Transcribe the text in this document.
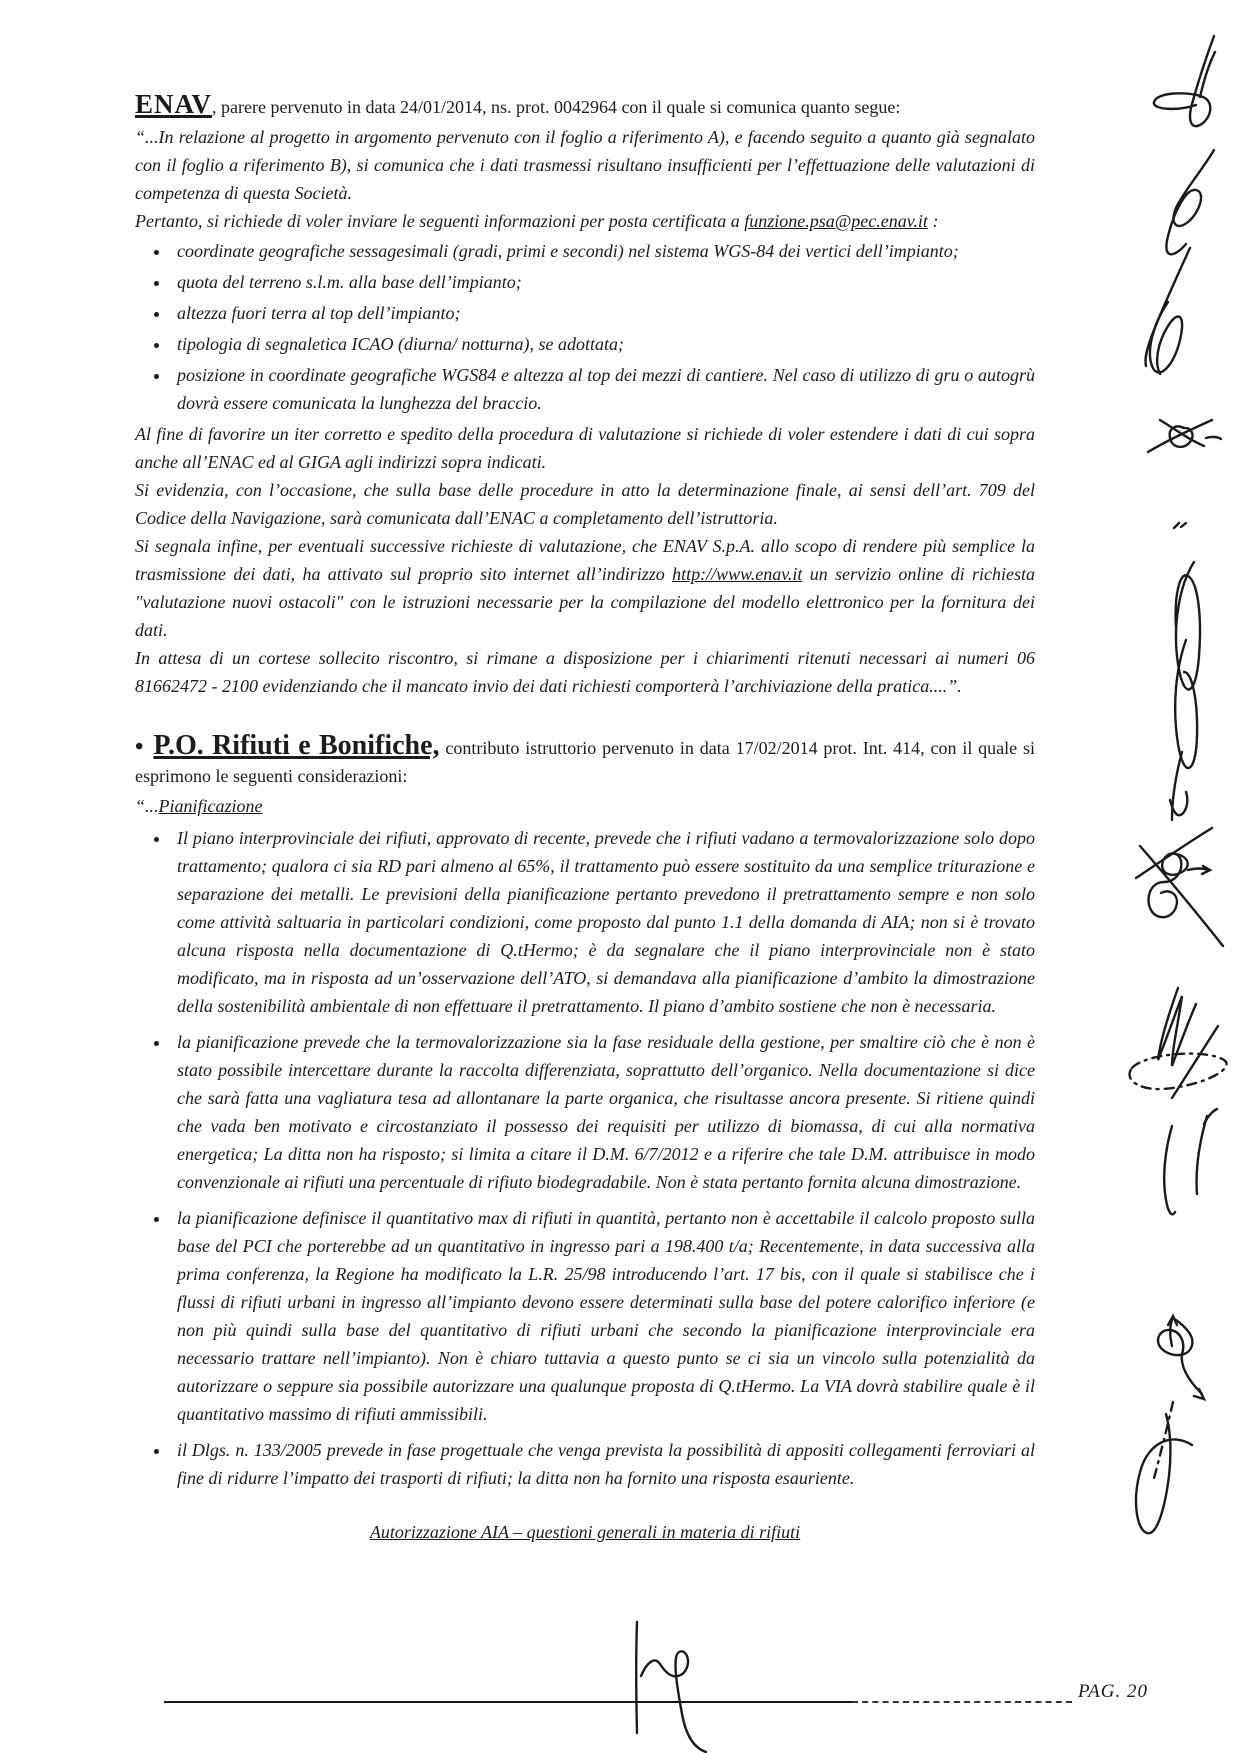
ENAV, parere pervenuto in data 24/01/2014, ns. prot. 0042964 con il quale si comunica quanto segue:

“...In relazione al progetto in argomento pervenuto con il foglio a riferimento A), e facendo seguito a quanto già segnalato con il foglio a riferimento B), si comunica che i dati trasmessi risultano insufficienti per l’effettuazione delle valutazioni di competenza di questa Società.

Pertanto, si richiede di voler inviare le seguenti informazioni per posta certificata a funzione.psa@pec.enav.it :

• coordinate geografiche sessagesimali (gradi, primi e secondi) nel sistema WGS-84 dei vertici dell’impianto;
• quota del terreno s.l.m. alla base dell’impianto;
• altezza fuori terra al top dell’impianto;
• tipologia di segnaletica ICAO (diurna/ notturna), se adottata;
• posizione in coordinate geografiche WGS84 e altezza al top dei mezzi di cantiere. Nel caso di utilizzo di gru o autogrù dovrà essere comunicata la lunghezza del braccio.

Al fine di favorire un iter corretto e spedito della procedura di valutazione si richiede di voler estendere i dati di cui sopra anche all’ENAC ed al GIGA agli indirizzi sopra indicati.

Si evidenzia, con l’occasione, che sulla base delle procedure in atto la determinazione finale, ai sensi dell’art. 709 del Codice della Navigazione, sarà comunicata dall’ENAC a completamento dell’istruttoria.

Si segnala infine, per eventuali successive richieste di valutazione, che ENAV S.p.A. allo scopo di rendere più semplice la trasmissione dei dati, ha attivato sul proprio sito internet all’indirizzo http://www.enav.it un servizio online di richiesta "valutazione nuovi ostacoli" con le istruzioni necessarie per la compilazione del modello elettronico per la fornitura dei dati.

In attesa di un cortese sollecito riscontro, si rimane a disposizione per i chiarimenti ritenuti necessari ai numeri 06 81662472 - 2100 evidenziando che il mancato invio dei dati richiesti comporterà l’archiviazione della pratica....”.

• P.O. Rifiuti e Bonifiche, contributo istruttorio pervenuto in data 17/02/2014 prot. Int. 414, con il quale si esprimono le seguenti considerazioni:

“...Pianificazione

• Il piano interprovinciale dei rifiuti, approvato di recente, prevede che i rifiuti vadano a termovalorizzazione solo dopo trattamento; qualora ci sia RD pari almeno al 65%, il trattamento può essere sostituito da una semplice triturazione e separazione dei metalli. Le previsioni della pianificazione pertanto prevedono il pretrattamento sempre e non solo come attività saltuaria in particolari condizioni, come proposto dal punto 1.1 della domanda di AIA; non si è trovato alcuna risposta nella documentazione di Q.tHermo; è da segnalare che il piano interprovinciale non è stato modificato, ma in risposta ad un’osservazione dell’ATO, si demandava alla pianificazione d’ambito la dimostrazione della sostenibilità ambientale di non effettuare il pretrattamento. Il piano d’ambito sostiene che non è necessaria.
• la pianificazione prevede che la termovalorizzazione sia la fase residuale della gestione, per smaltire ciò che è non è stato possibile intercettare durante la raccolta differenziata, soprattutto dell’organico. Nella documentazione si dice che sarà fatta una vagliatura tesa ad allontanare la parte organica, che risultasse ancora presente. Si ritiene quindi che vada ben motivato e circostanziato il possesso dei requisiti per utilizzo di biomassa, di cui alla normativa energetica; La ditta non ha risposto; si limita a citare il D.M. 6/7/2012 e a riferire che tale D.M. attribuisce in modo convenzionale ai rifiuti una percentuale di rifiuto biodegradabile. Non è stata pertanto fornita alcuna dimostrazione.
• la pianificazione definisce il quantitativo max di rifiuti in quantità, pertanto non è accettabile il calcolo proposto sulla base del PCI che porterebbe ad un quantitativo in ingresso pari a 198.400 t/a; Recentemente, in data successiva alla prima conferenza, la Regione ha modificato la L.R. 25/98 introducendo l’art. 17 bis, con il quale si stabilisce che i flussi di rifiuti urbani in ingresso all’impianto devono essere determinati sulla base del potere calorifico inferiore (e non più quindi sulla base del quantitativo di rifiuti urbani che secondo la pianificazione interprovinciale era necessario trattare nell’impianto). Non è chiaro tuttavia a questo punto se ci sia un vincolo sulla potenzialità da autorizzare o seppure sia possibile autorizzare una qualunque proposta di Q.tHermo. La VIA dovrà stabilire quale è il quantitativo massimo di rifiuti ammissibili.
• il Dlgs. n. 133/2005 prevede in fase progettuale che venga prevista la possibilità di appositi collegamenti ferroviari al fine di ridurre l’impatto dei trasporti di rifiuti; la ditta non ha fornito una risposta esauriente.

Autorizzazione AIA – questioni generali in materia di rifiuti

PAG. 20
